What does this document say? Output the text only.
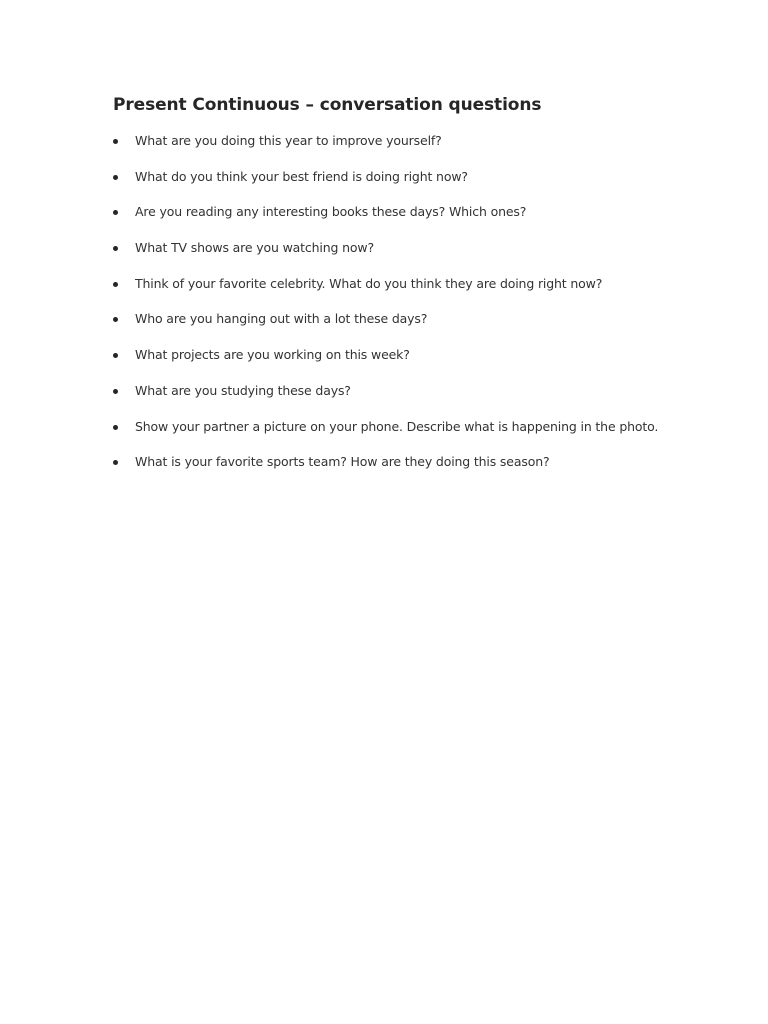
Present Continuous – conversation questions
What are you doing this year to improve yourself?
What do you think your best friend is doing right now?
Are you reading any interesting books these days? Which ones?
What TV shows are you watching now?
Think of your favorite celebrity. What do you think they are doing right now?
Who are you hanging out with a lot these days?
What projects are you working on this week?
What are you studying these days?
Show your partner a picture on your phone. Describe what is happening in the photo.
What is your favorite sports team? How are they doing this season?
